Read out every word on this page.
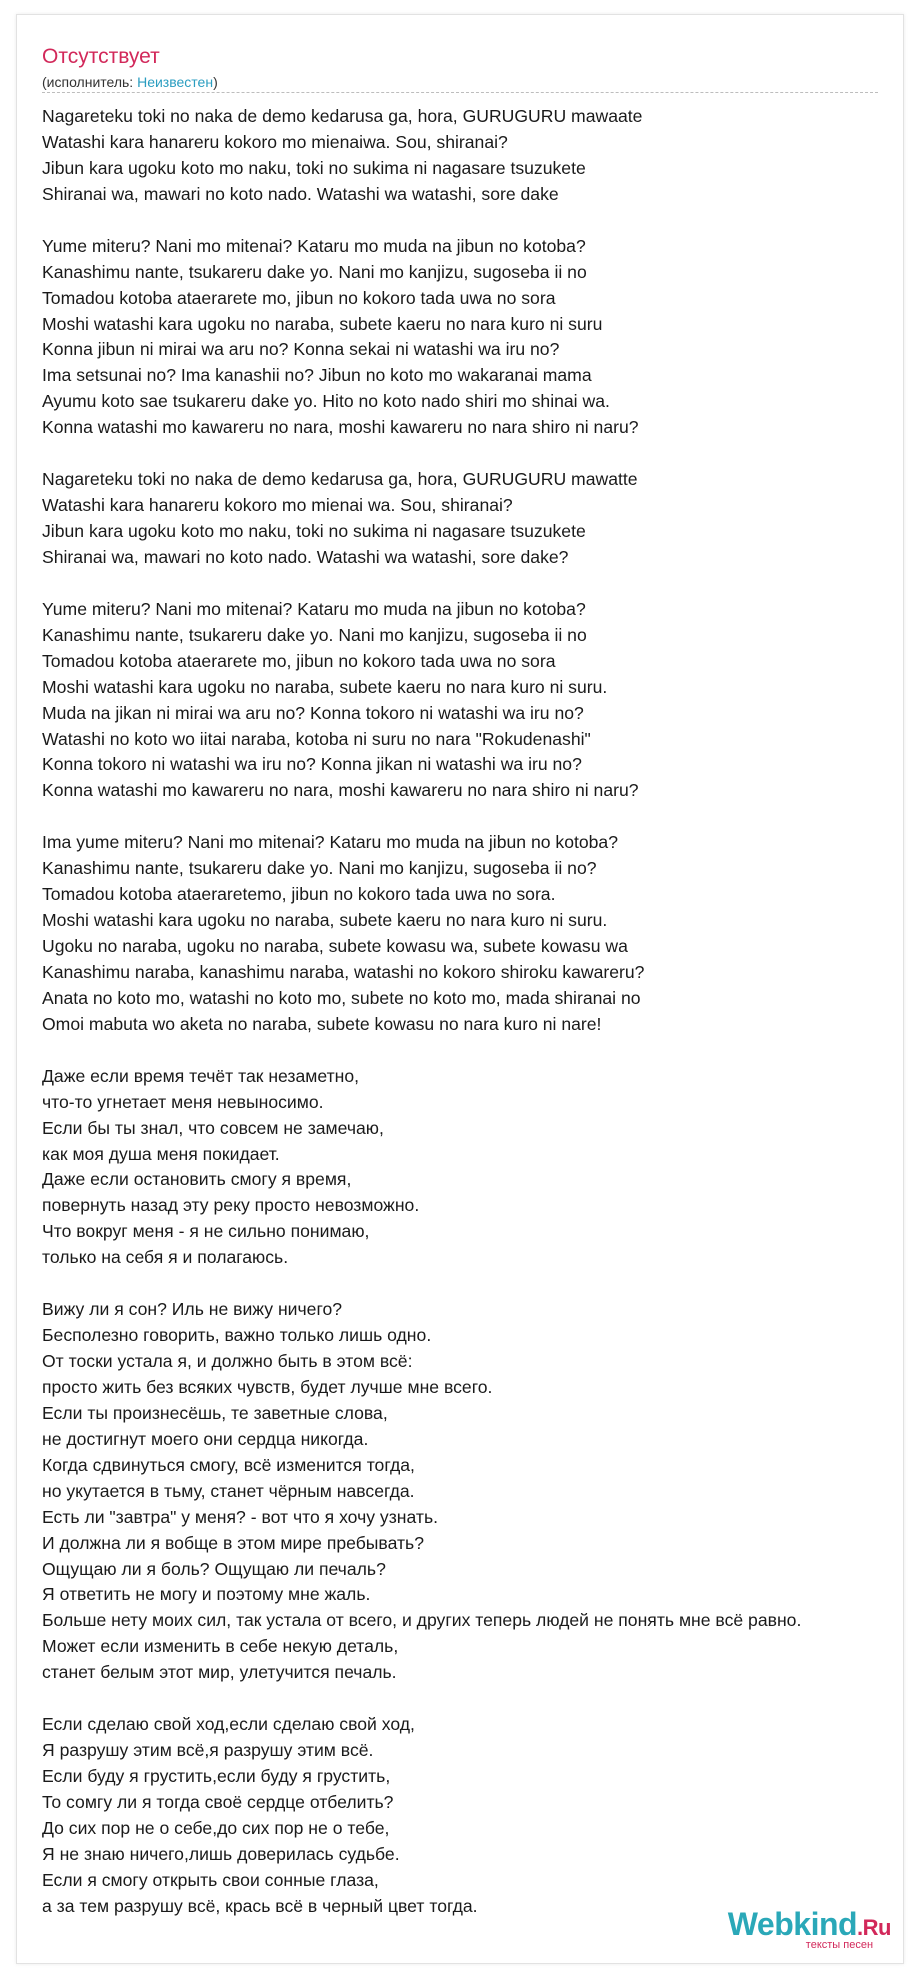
Отсутствует
(исполнитель: Неизвестен)
Nagareteku toki no naka de demo kedarusa ga, hora, GURUGURU mawaate
Watashi kara hanareru kokoro mo mienaiwa. Sou, shiranai?
Jibun kara ugoku koto mo naku, toki no sukima ni nagasare tsuzukete
Shiranai wa, mawari no koto nado. Watashi wa watashi, sore dake
Yume miteru? Nani mo mitenai? Kataru mo muda na jibun no kotoba?
Kanashimu nante, tsukareru dake yo. Nani mo kanjizu, sugoseba ii no
Tomadou kotoba ataerarete mo, jibun no kokoro tada uwa no sora
Moshi watashi kara ugoku no naraba, subete kaeru no nara kuro ni suru
Konna jibun ni mirai wa aru no? Konna sekai ni watashi wa iru no?
Ima setsunai no? Ima kanashii no? Jibun no koto mo wakaranai mama
Ayumu koto sae tsukareru dake yo. Hito no koto nado shiri mo shinai wa.
Konna watashi mo kawareru no nara, moshi kawareru no nara shiro ni naru?
Nagareteku toki no naka de demo kedarusa ga, hora, GURUGURU mawatte
Watashi kara hanareru kokoro mo mienai wa. Sou, shiranai?
Jibun kara ugoku koto mo naku, toki no sukima ni nagasare tsuzukete
Shiranai wa, mawari no koto nado. Watashi wa watashi, sore dake?
Yume miteru? Nani mo mitenai? Kataru mo muda na jibun no kotoba?
Kanashimu nante, tsukareru dake yo. Nani mo kanjizu, sugoseba ii no
Tomadou kotoba ataerarete mo, jibun no kokoro tada uwa no sora
Moshi watashi kara ugoku no naraba, subete kaeru no nara kuro ni suru.
Muda na jikan ni mirai wa aru no? Konna tokoro ni watashi wa iru no?
Watashi no koto wo iitai naraba, kotoba ni suru no nara "Rokudenashi"
Konna tokoro ni watashi wa iru no? Konna jikan ni watashi wa iru no?
Konna watashi mo kawareru no nara, moshi kawareru no nara shiro ni naru?
Ima yume miteru? Nani mo mitenai? Kataru mo muda na jibun no kotoba?
Kanashimu nante, tsukareru dake yo. Nani mo kanjizu, sugoseba ii no?
Tomadou kotoba ataeraretemo, jibun no kokoro tada uwa no sora.
Moshi watashi kara ugoku no naraba, subete kaeru no nara kuro ni suru.
Ugoku no naraba, ugoku no naraba, subete kowasu wa, subete kowasu wa
Kanashimu naraba, kanashimu naraba, watashi no kokoro shiroku kawareru?
Anata no koto mo, watashi no koto mo, subete no koto mo, mada shiranai no
Omoi mabuta wo aketa no naraba, subete kowasu no nara kuro ni nare!
Даже если время течёт так незаметно,
что-то угнетает меня невыносимо.
Если бы ты знал, что совсем не замечаю,
как моя душа меня покидает.
Даже если остановить смогу я время,
повернуть назад эту реку просто невозможно.
Что вокруг меня - я не сильно понимаю,
только на себя я и полагаюсь.
Вижу ли я сон? Иль не вижу ничего?
Бесполезно говорить, важно только лишь одно.
От тоски устала я, и должно быть в этом всё:
просто жить без всяких чувств, будет лучше мне всего.
Если ты произнесёшь, те заветные слова,
не достигнут моего они сердца никогда.
Когда сдвинуться смогу, всё изменится тогда,
но укутается в тьму, станет чёрным навсегда.
Есть ли "завтра" у меня? - вот что я хочу узнать.
И должна ли я вобще в этом мире пребывать?
Ощущаю ли я боль? Ощущаю ли печаль?
Я ответить не могу и поэтому мне жаль.
Больше нету моих сил, так устала от всего, и других теперь людей не понять мне всё равно.
Может если изменить в себе некую деталь,
станет белым этот мир, улетучится печаль.
Если сделаю свой ход,если сделаю свой ход,
Я разрушу этим всё,я разрушу этим всё.
Если буду я грустить,если буду я грустить,
То сомгу ли я тогда своё сердце отбелить?
До сих пор не о себе,до сих пор не о тебе,
Я не знаю ничего,лишь доверилась судьбе.
Если я смогу открыть свои сонные глаза,
а за тем разрушу всё, крась всё в черный цвет тогда.
Webkind.Ru
тексты песен
